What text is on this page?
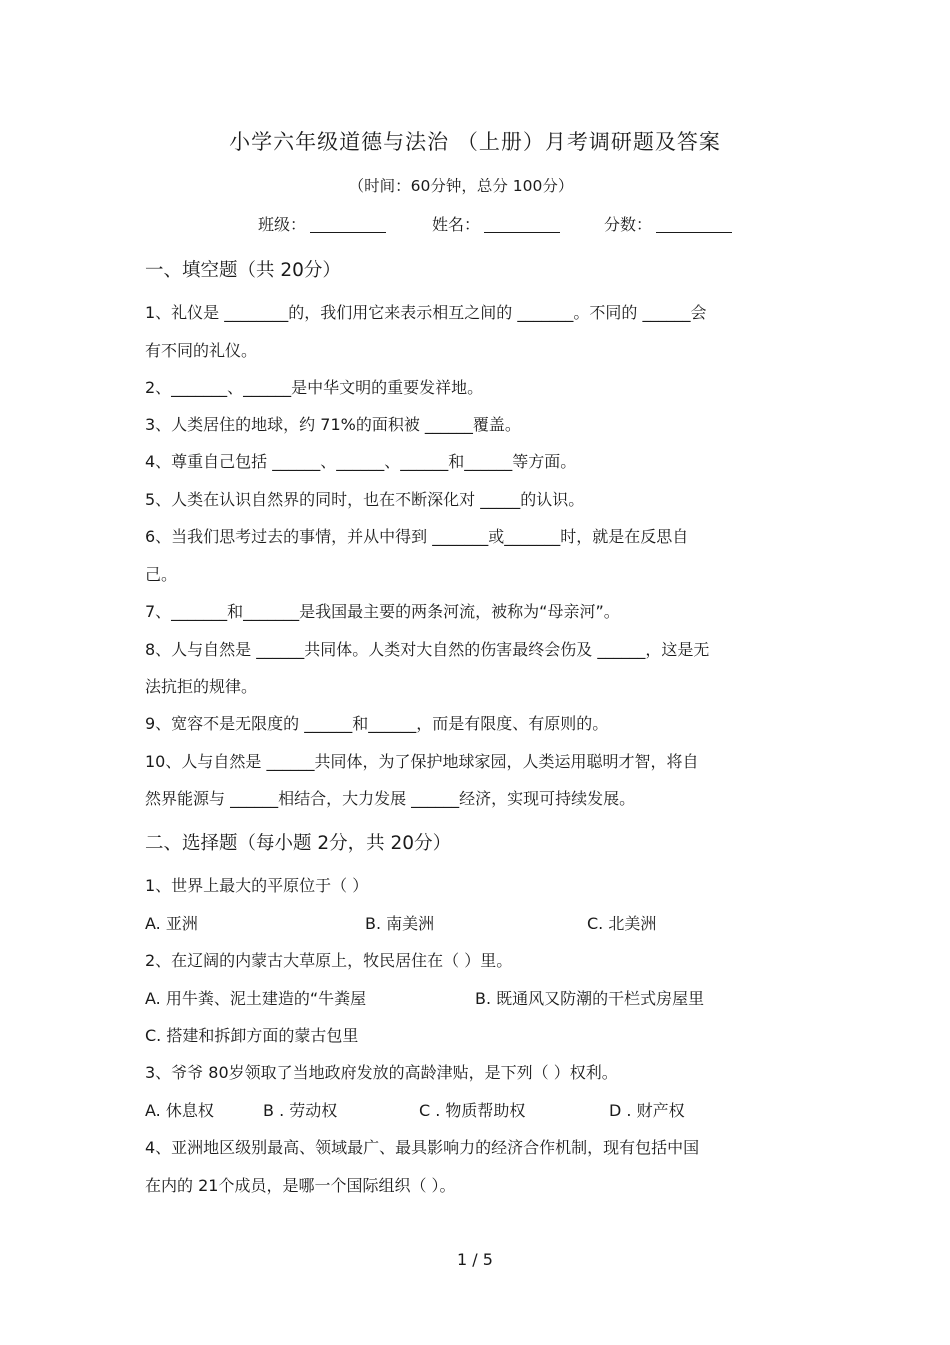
小学六年级道德与法治 （上册）月考调研题及答案
（时间：60分钟，总分 100分）
班级：	姓名：	分数：
一、填空题（共 20分）
1、礼仪是 ________的，我们用它来表示相互之间的 _______。不同的 ______会
有不同的礼仪。
2、_______、______是中华文明的重要发祥地。
3、人类居住的地球，约 71%的面积被 ______覆盖。
4、尊重自己包括 ______、______、______和______等方面。
5、人类在认识自然界的同时，也在不断深化对 _____的认识。
6、当我们思考过去的事情，并从中得到 _______或_______时，就是在反思自
己。
7、_______和_______是我国最主要的两条河流，被称为“母亲河”。
8、人与自然是 ______共同体。人类对大自然的伤害最终会伤及 ______，这是无
法抗拒的规律。
9、宽容不是无限度的 ______和______，而是有限度、有原则的。
10、人与自然是 ______共同体，为了保护地球家园，人类运用聪明才智，将自
然界能源与 ______相结合，大力发展 ______经济，实现可持续发展。
二、选择题（每小题 2分，共 20分）
1、世界上最大的平原位于（ ）
A. 亚洲	B. 南美洲	C. 北美洲
2、在辽阔的内蒙古大草原上，牧民居住在（ ）里。
A. 用牛粪、泥土建造的“牛粪屋	B. 既通风又防潮的干栏式房屋里
C. 搭建和拆卸方面的蒙古包里
3、爷爷 80岁领取了当地政府发放的高龄津贴，是下列（ ）权利。
A. 休息权	B . 劳动权	C . 物质帮助权	D . 财产权
4、亚洲地区级别最高、领域最广、最具影响力的经济合作机制，现有包括中国
在内的 21个成员，是哪一个国际组织（ ）。
1 / 5
